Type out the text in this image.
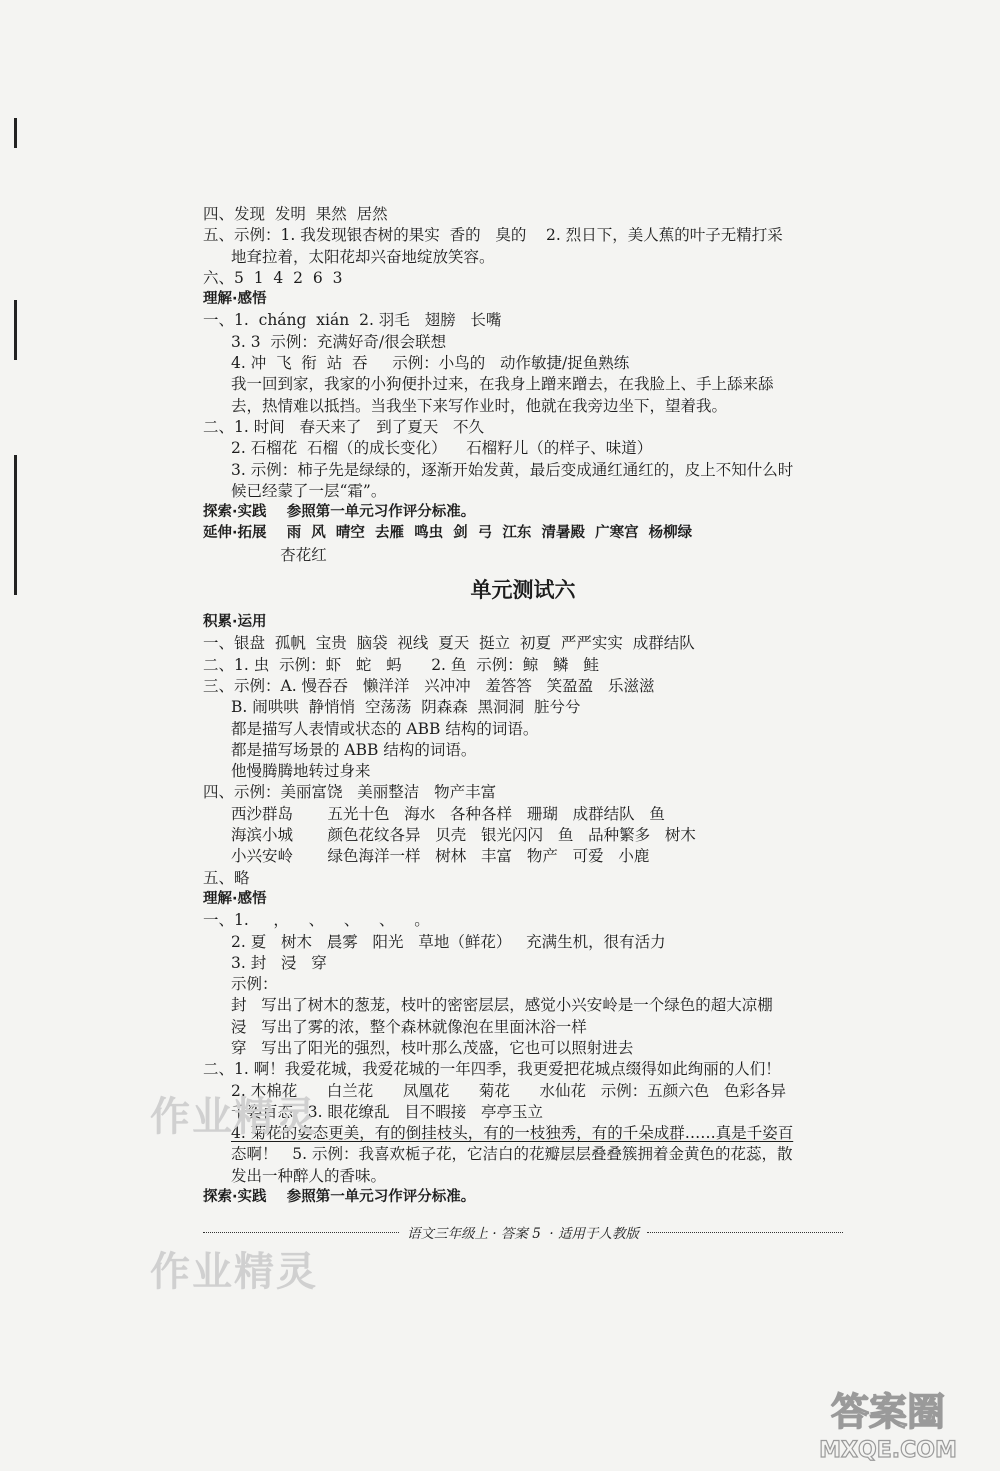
四、发现  发明  果然  居然
五、示例：1. 我发现银杏树的果实  香的   臭的    2. 烈日下，美人蕉的叶子无精打采
地耷拉着，太阳花却兴奋地绽放笑容。
六、5  1  4  2  6  3
理解·感悟
一、1.  cháng  xián  2. 羽毛   翅膀   长嘴
3. 3  示例：充满好奇/很会联想
4. 冲  飞  衔  站  吞     示例：小鸟的   动作敏捷/捉鱼熟练
我一回到家，我家的小狗便扑过来，在我身上蹭来蹭去，在我脸上、手上舔来舔
去，热情难以抵挡。当我坐下来写作业时，他就在我旁边坐下，望着我。
二、1. 时间   春天来了   到了夏天   不久
2. 石榴花  石榴（的成长变化）    石榴籽儿（的样子、味道）
3. 示例：柿子先是绿绿的，逐渐开始发黄，最后变成通红通红的，皮上不知什么时
候已经蒙了一层“霜”。
探索·实践    参照第一单元习作评分标准。
延伸·拓展    雨  风  晴空  去雁  鸣虫  剑  弓  江东  清暑殿  广寒宫  杨柳绿
杏花红
单元测试六
积累·运用
一、银盘  孤帆  宝贵  脑袋  视线  夏天  挺立  初夏  严严实实  成群结队
二、1. 虫  示例：虾   蛇   蚂      2. 鱼  示例：鲸   鳞   鲑
三、示例：A. 慢吞吞   懒洋洋   兴冲冲   羞答答   笑盈盈   乐滋滋
B. 闹哄哄  静悄悄  空荡荡  阴森森  黑洞洞  脏兮兮
都是描写人表情或状态的 ABB 结构的词语。
都是描写场景的 ABB 结构的词语。
他慢腾腾地转过身来
四、示例：美丽富饶   美丽整洁   物产丰富
西沙群岛       五光十色   海水   各种各样   珊瑚   成群结队   鱼
海滨小城       颜色花纹各异   贝壳   银光闪闪   鱼   品种繁多   树木
小兴安岭       绿色海洋一样   树林   丰富   物产   可爱   小鹿
五、略
理解·感悟
一、1.     ，    、    、    、    。
2. 夏   树木   晨雾   阳光   草地（鲜花）   充满生机，很有活力
3. 封   浸   穿
示例：
封   写出了树木的葱茏，枝叶的密密层层，感觉小兴安岭是一个绿色的超大凉棚
浸   写出了雾的浓，整个森林就像泡在里面沐浴一样
穿   写出了阳光的强烈，枝叶那么茂盛，它也可以照射进去
二、1. 啊！我爱花城，我爱花城的一年四季，我更爱把花城点缀得如此绚丽的人们！
2. 木棉花      白兰花      凤凰花      菊花      水仙花   示例：五颜六色   色彩各异
千姿百态   3. 眼花缭乱   目不暇接   亭亭玉立
4. 菊花的姿态更美，有的倒挂枝头，有的一枝独秀，有的千朵成群……真是千姿百
态啊！   5. 示例：我喜欢栀子花，它洁白的花瓣层层叠叠簇拥着金黄色的花蕊，散
发出一种醉人的香味。
探索·实践    参照第一单元习作评分标准。
作业精灵
作业精灵
语文三年级上 · 答案 5  · 适用于人教版
答案圈
MXQE.COM
